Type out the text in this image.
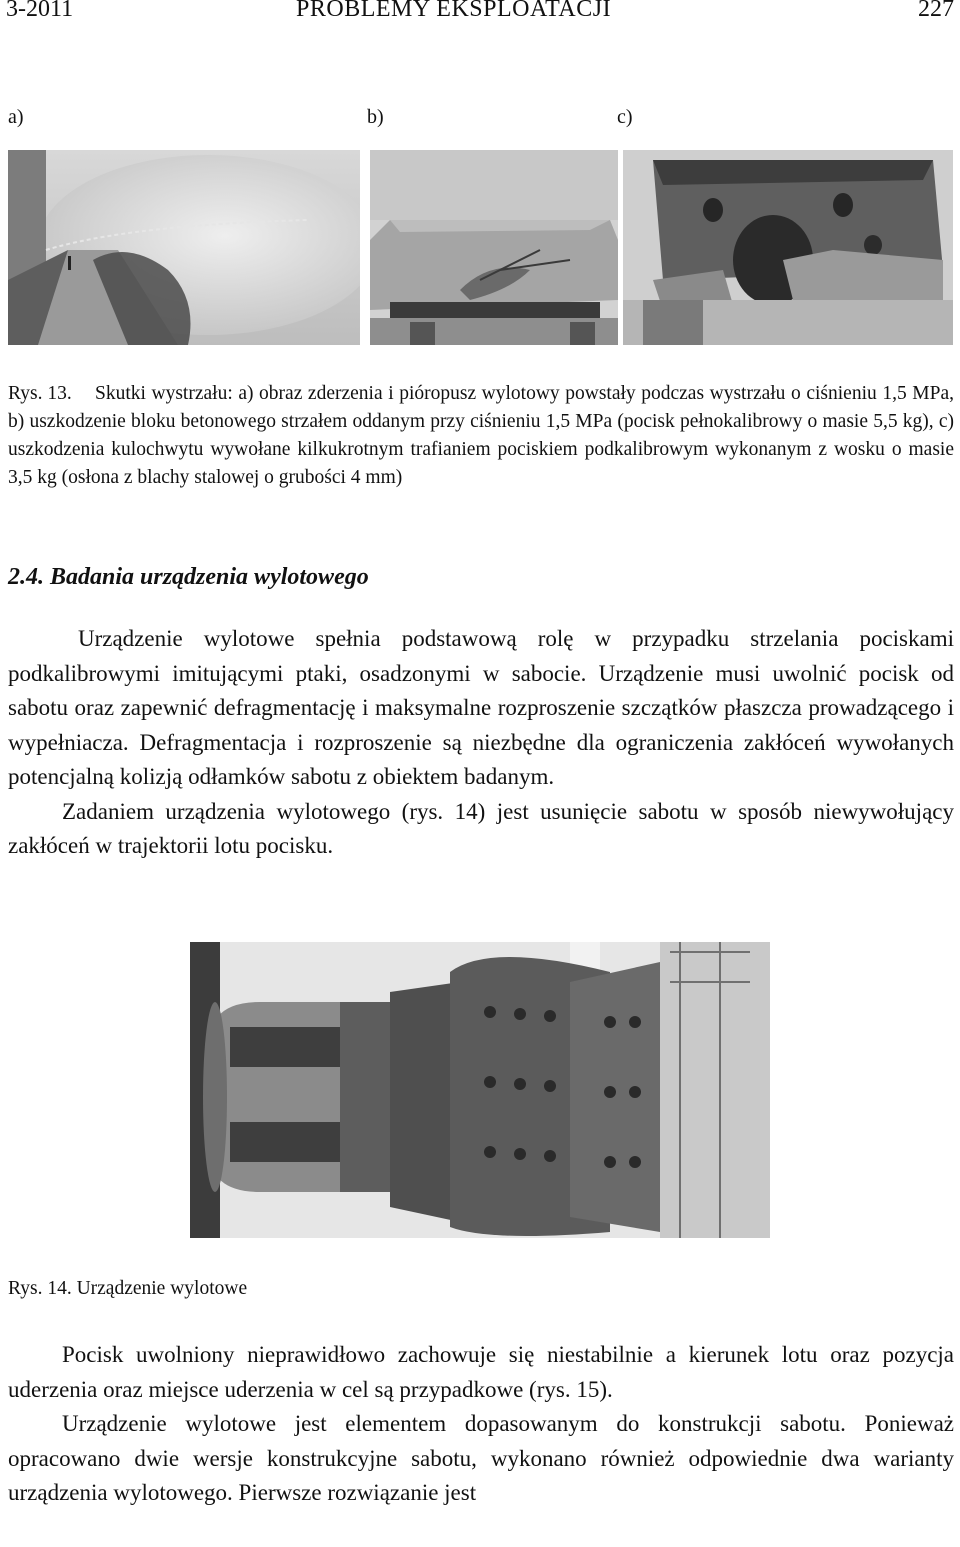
3-2011	PROBLEMY EKSPLOATACJI	227
a)	b)	c)
Rys. 13. Skutki wystrzału: a) obraz zderzenia i pióropusz wylotowy powstały podczas wystrzału o ciśnieniu 1,5 MPa, b) uszkodzenie bloku betonowego strzałem oddanym przy ciśnieniu 1,5 MPa (pocisk pełnokalibrowy o masie 5,5 kg), c) uszkodzenia kulochwytu wywołane kilkukrotnym trafianiem pociskiem podkalibrowym wykonanym z wosku o masie 3,5 kg (osłona z blachy stalowej o grubości 4 mm)
2.4. Badania urządzenia wylotowego

Urządzenie wylotowe spełnia podstawową rolę w przypadku strzelania pociskami podkalibrowymi imitującymi ptaki, osadzonymi w sabocie. Urządzenie musi uwolnić pocisk od sabotu oraz zapewnić defragmentację i maksymalne rozproszenie szczątków płaszcza prowadzącego i wypełniacza. Defragmentacja i rozproszenie są niezbędne dla ograniczenia zakłóceń wywołanych potencjalną kolizją odłamków sabotu z obiektem badanym.

Zadaniem urządzenia wylotowego (rys. 14) jest usunięcie sabotu w sposób niewywołujący zakłóceń w trajektorii lotu pocisku.

Rys. 14. Urządzenie wylotowe

Pocisk uwolniony nieprawidłowo zachowuje się niestabilnie a kierunek lotu oraz pozycja uderzenia oraz miejsce uderzenia w cel są przypadkowe (rys. 15).

Urządzenie wylotowe jest elementem dopasowanym do konstrukcji sabotu. Ponieważ opracowano dwie wersje konstrukcyjne sabotu, wykonano również odpowiednie dwa warianty urządzenia wylotowego. Pierwsze rozwiązanie jest
